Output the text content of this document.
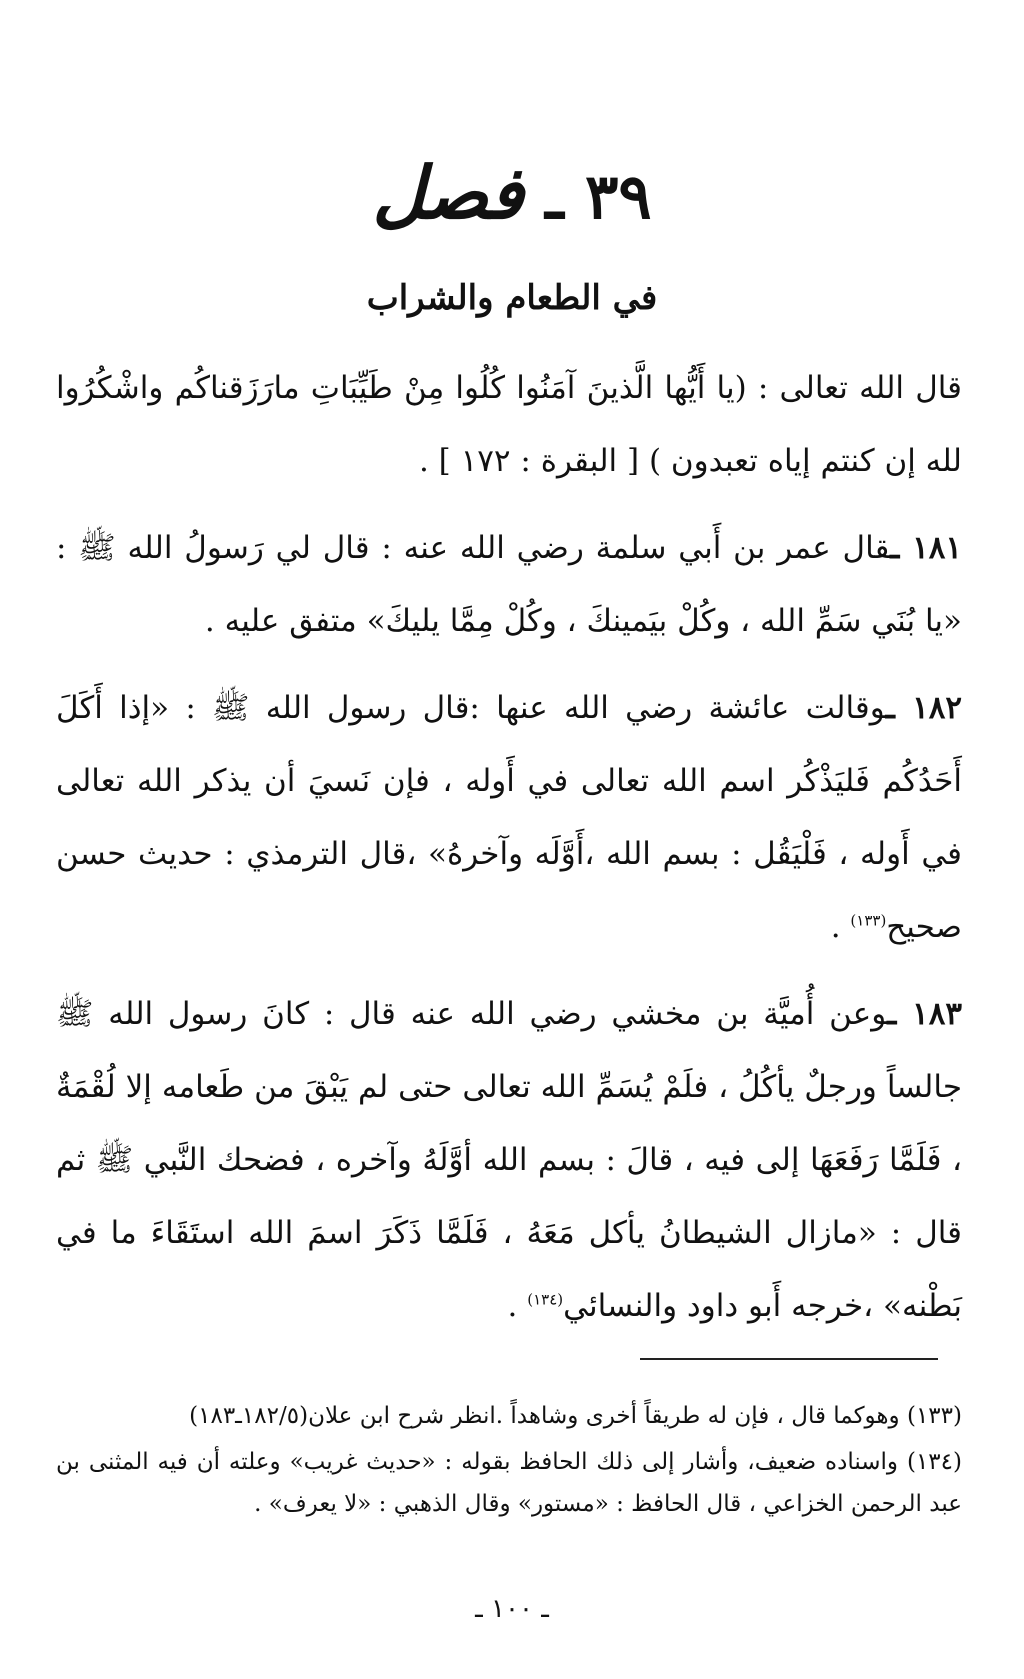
٣٩ ـ فصل
في الطعام والشراب

قال الله تعالى : (يا أَيُّها الَّذينَ آمَنُوا كُلُوا مِنْ طَيِّبَاتِ مارَزَقناكُم واشْكُرُوا لله إن كنتم إياه تعبدون ) [ البقرة : ١٧٢ ] .

١٨١ ـقال عمر بن أَبي سلمة رضي الله عنه : قال لي رَسولُ الله ﷺ : «يا بُنَي سَمِّ الله ، وكُلْ بيَمينكَ ، وكُلْ مِمَّا يليكَ» متفق عليه .

١٨٢ ـوقالت عائشة رضي الله عنها :قال رسول الله ﷺ : «إذا أَكَلَ أَحَدُكُم فَليَذْكُر اسم الله تعالى في أَوله ، فإن نَسيَ أن يذكر الله تعالى في أَوله ، فَلْيَقُل : بسم الله ،أَوَّلَه وآخرهُ» ،قال الترمذي : حديث حسن صحيح$^{(١٣٣)}$ .

١٨٣ ـوعن أُميَّة بن مخشي رضي الله عنه قال : كانَ رسول الله ﷺ جالساً ورجلٌ يأكُلُ ، فلَمْ يُسَمِّ الله تعالى حتى لم يَبْقَ من طَعامه إلا لُقْمَةٌ ، فَلَمَّا رَفَعَهَا إلى فيه ، قالَ : بسم الله أوَّلَهُ وآخره ، فضحك النَّبي ﷺ ثم قال : «مازال الشيطانُ يأكل مَعَهُ ، فَلَمَّا ذَكَرَ اسمَ الله استَقَاءَ ما في بَطْنه» ،خرجه أَبو داود والنسائي$^{(١٣٤)}$ .

(١٣٣) وهوكما قال ، فإن له طريقاً أخرى وشاهداً .انظر شرح ابن علان(١٨٢/٥ـ١٨٣)

(١٣٤) واسناده ضعيف، وأشار إلى ذلك الحافظ بقوله : «حديث غريب» وعلته أن فيه المثنى بن عبد الرحمن الخزاعي ، قال الحافظ : «مستور» وقال الذهبي : «لا يعرف» .

ـ ١٠٠ ـ
